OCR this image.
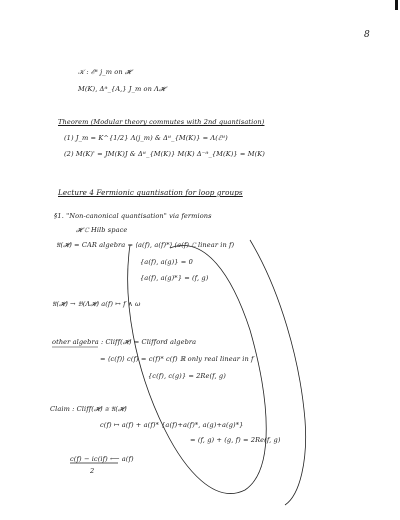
8
𝒦 : ℰⁱᵗ j_m on 𝓗
M(K), Δⁱᵗ_{A,} J_m on Λ𝓗
Theorem (Modular theory commutes with 2nd quantisation)
(1) J_m = K^{1/2} Λ(j_m) & Δⁱᵗ_{M(K)} = Λ(ℰⁱᵗ)
(2) M(K)' = JM(K)J & Δⁱᵗ_{M(K)} M(K) Δ⁻ⁱᵗ_{M(K)} = M(K)
Lecture 4 Fermionic quantisation for loop groups
§1. "Non-canonical quantisation" via fermions
𝓗 ℂ Hilb space
𝔄(𝓗) = CAR algebra = ⟨a(f), a(f)*⟩ (a(f) ℂ linear in f)
{a(f), a(g)} = 0
{a(f), a(g)*} = (f, g)
𝔄(𝓗) → 𝔅(Λ𝓗) a(f) ↦ f ∧ ω
other algebra : Cliff(𝓗) = Clifford algebra
= ⟨c(f)⟩ c(f) = c(f)* c(f) ℝ only real linear in f
{c(f), c(g)} = 2Re(f, g)
Claim : Cliff(𝓗) ≅ 𝔄(𝓗)
c(f) ↦ a(f) + a(f)* {a(f)+a(f)*, a(g)+a(g)*}
= (f, g) + (g, f) = 2Re(f, g)
c(f) − ic(if) ⟵ a(f)
2
